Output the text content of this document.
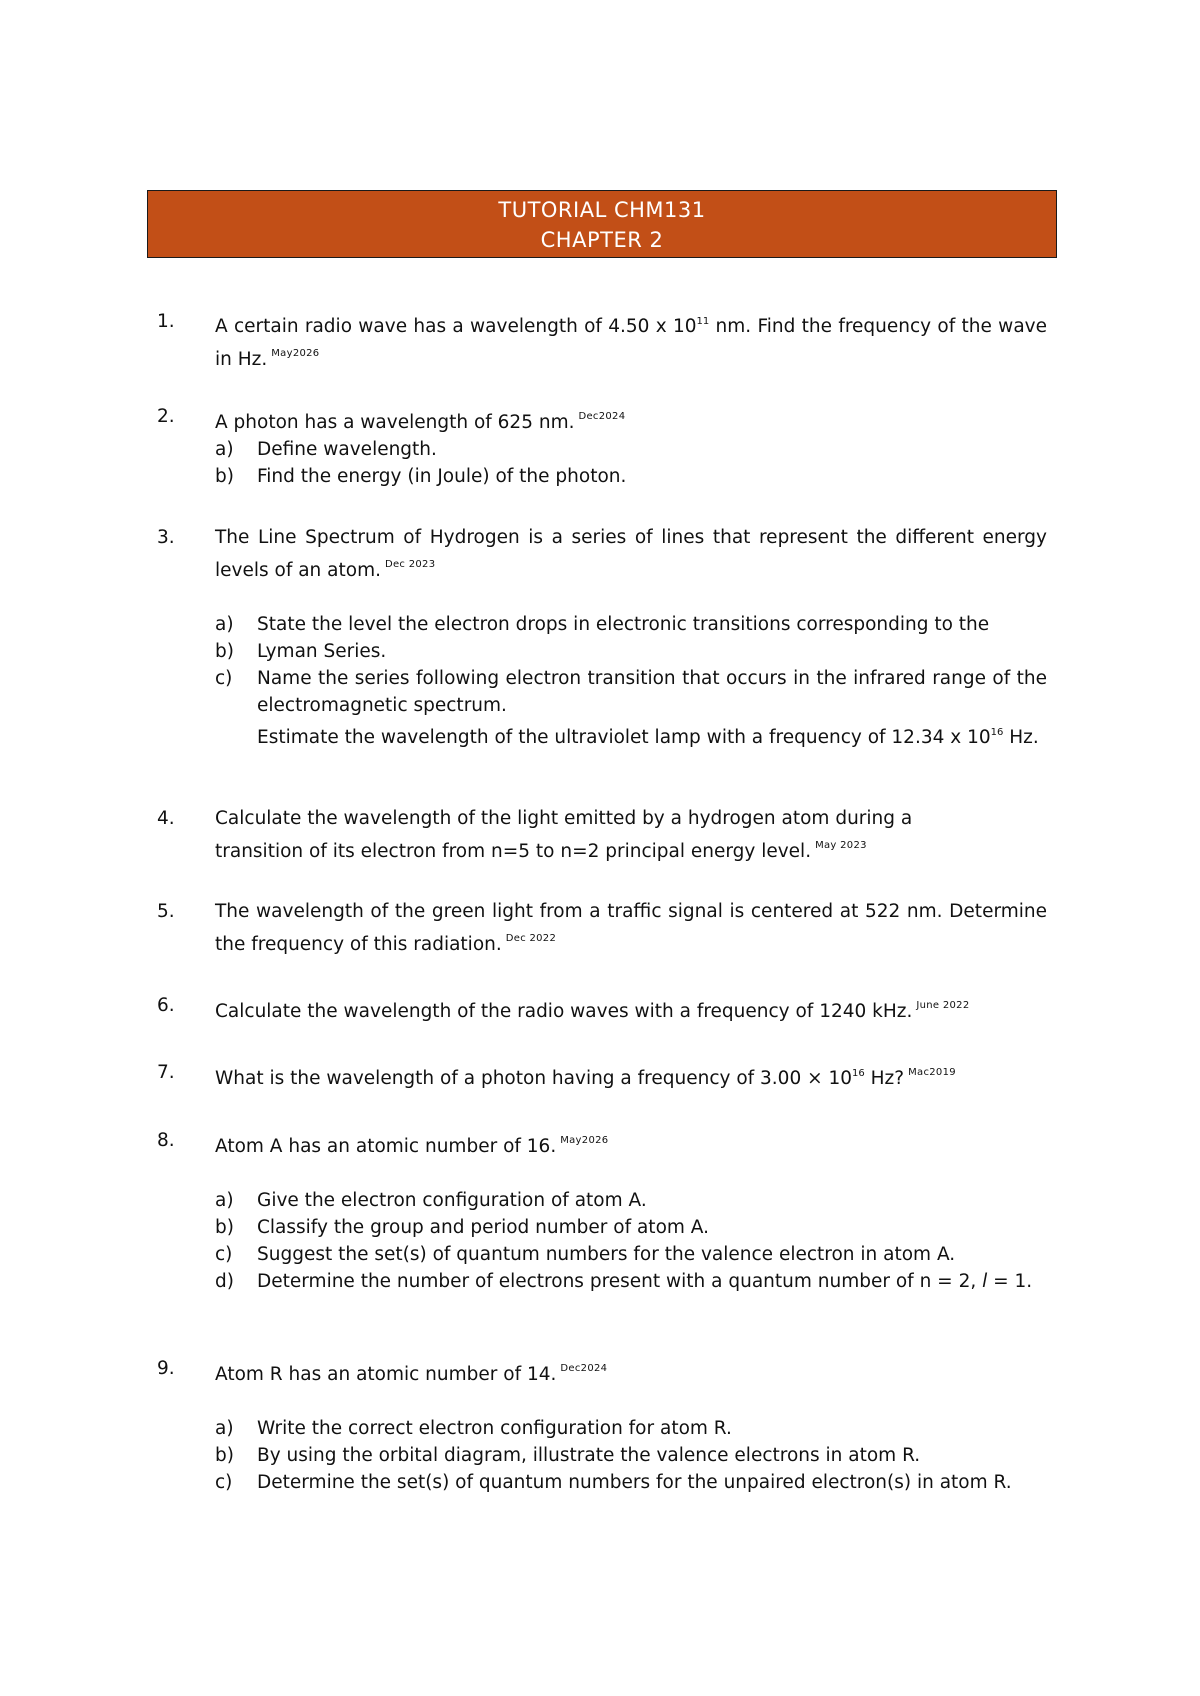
TUTORIAL CHM131
CHAPTER 2
1. A certain radio wave has a wavelength of 4.50 x $10^{11}$ nm. Find the frequency of the wave in Hz. $^{May2026}$
2. A photon has a wavelength of 625 nm. $^{Dec2024}$
a)	Define wavelength.
b)	Find the energy (in Joule) of the photon.
3. The Line Spectrum of Hydrogen is a series of lines that represent the different energy levels of an atom. $^{Dec 2023}$
a)	State the level the electron drops in electronic transitions corresponding to the
b)	Lyman Series.
c)	Name the series following electron transition that occurs in the infrared range of the electromagnetic spectrum.
Estimate the wavelength of the ultraviolet lamp with a frequency of 12.34 x $10^{16}$ Hz.
4. Calculate the wavelength of the light emitted by a hydrogen atom during a
transition of its electron from n=5 to n=2 principal energy level. $^{May 2023}$
5. The wavelength of the green light from a traffic signal is centered at 522 nm. Determine the frequency of this radiation. $^{Dec 2022}$
6. Calculate the wavelength of the radio waves with a frequency of 1240 kHz. $^{June 2022}$
7. What is the wavelength of a photon having a frequency of $3.00 \times 10^{16}$ Hz? $^{Mac2019}$
8. Atom A has an atomic number of 16. $^{May2026}$
a)	Give the electron configuration of atom A.
b)	Classify the group and period number of atom A.
c)	Suggest the set(s) of quantum numbers for the valence electron in atom A.
d)	Determine the number of electrons present with a quantum number of n = 2, l = 1.
9. Atom R has an atomic number of 14. $^{Dec2024}$
a)	Write the correct electron configuration for atom R.
b)	By using the orbital diagram, illustrate the valence electrons in atom R.
c)	Determine the set(s) of quantum numbers for the unpaired electron(s) in atom R.
